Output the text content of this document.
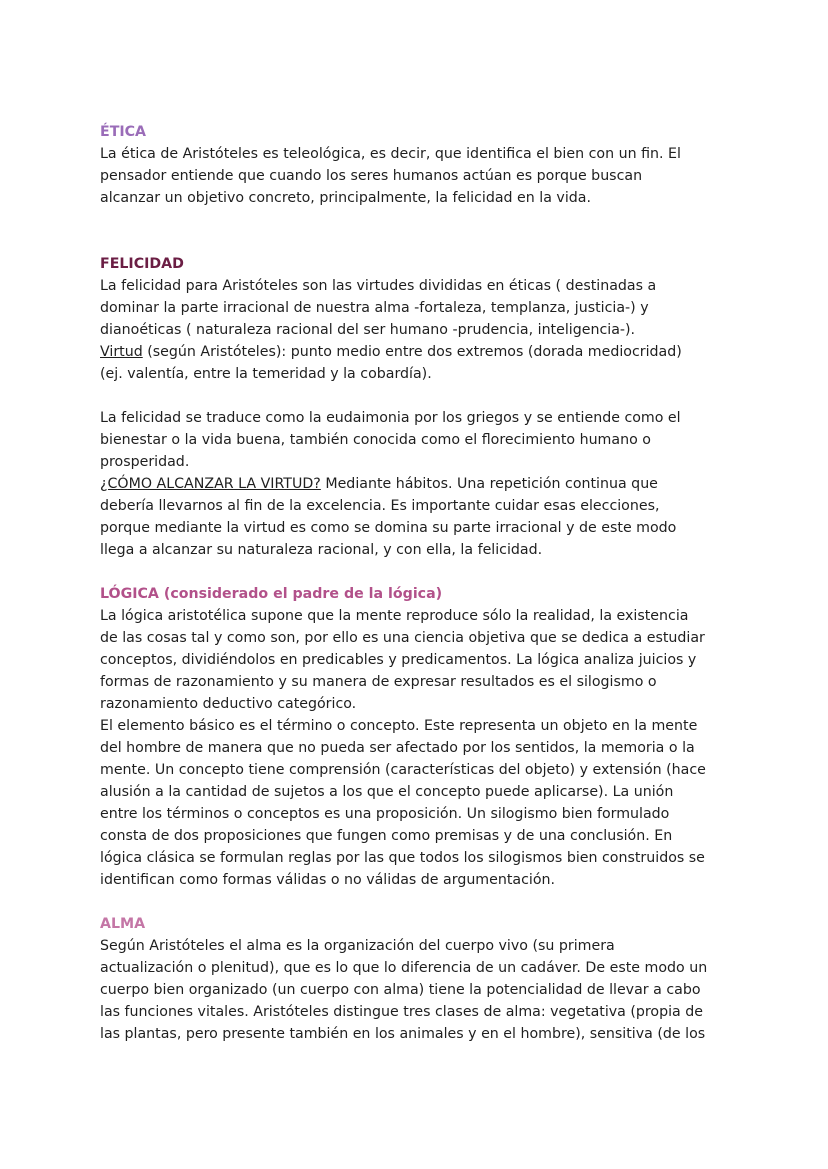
ÉTICA

La ética de Aristóteles es teleológica, es decir, que identifica el bien con un fin. El
pensador entiende que cuando los seres humanos actúan es porque buscan
alcanzar un objetivo concreto, principalmente, la felicidad en la vida.

FELICIDAD

La felicidad para Aristóteles son las virtudes divididas en éticas ( destinadas a
dominar la parte irracional de nuestra alma -fortaleza, templanza, justicia-) y
dianoéticas ( naturaleza racional del ser humano -prudencia, inteligencia-).
Virtud (según Aristóteles): punto medio entre dos extremos (dorada mediocridad)
(ej. valentía, entre la temeridad y la cobardía).

La felicidad se traduce como la eudaimonia por los griegos y se entiende como el
bienestar o la vida buena, también conocida como el florecimiento humano o
prosperidad.
¿CÓMO ALCANZAR LA VIRTUD? Mediante hábitos. Una repetición continua que
debería llevarnos al fin de la excelencia. Es importante cuidar esas elecciones,
porque mediante la virtud es como se domina su parte irracional y de este modo
llega a alcanzar su naturaleza racional, y con ella, la felicidad.

LÓGICA (considerado el padre de la lógica)

La lógica aristotélica supone que la mente reproduce sólo la realidad, la existencia
de las cosas tal y como son, por ello es una ciencia objetiva que se dedica a estudiar
conceptos, dividiéndolos en predicables y predicamentos. La lógica analiza juicios y
formas de razonamiento y su manera de expresar resultados es el silogismo o
razonamiento deductivo categórico.
El elemento básico es el término o concepto. Este representa un objeto en la mente
del hombre de manera que no pueda ser afectado por los sentidos, la memoria o la
mente. Un concepto tiene comprensión (características del objeto) y extensión (hace
alusión a la cantidad de sujetos a los que el concepto puede aplicarse). La unión
entre los términos o conceptos es una proposición. Un silogismo bien formulado
consta de dos proposiciones que fungen como premisas y de una conclusión. En
lógica clásica se formulan reglas por las que todos los silogismos bien construidos se
identifican como formas válidas o no válidas de argumentación.

ALMA

Según Aristóteles el alma es la organización del cuerpo vivo (su primera
actualización o plenitud), que es lo que lo diferencia de un cadáver. De este modo un
cuerpo bien organizado (un cuerpo con alma) tiene la potencialidad de llevar a cabo
las funciones vitales. Aristóteles distingue tres clases de alma: vegetativa (propia de
las plantas, pero presente también en los animales y en el hombre), sensitiva (de los
